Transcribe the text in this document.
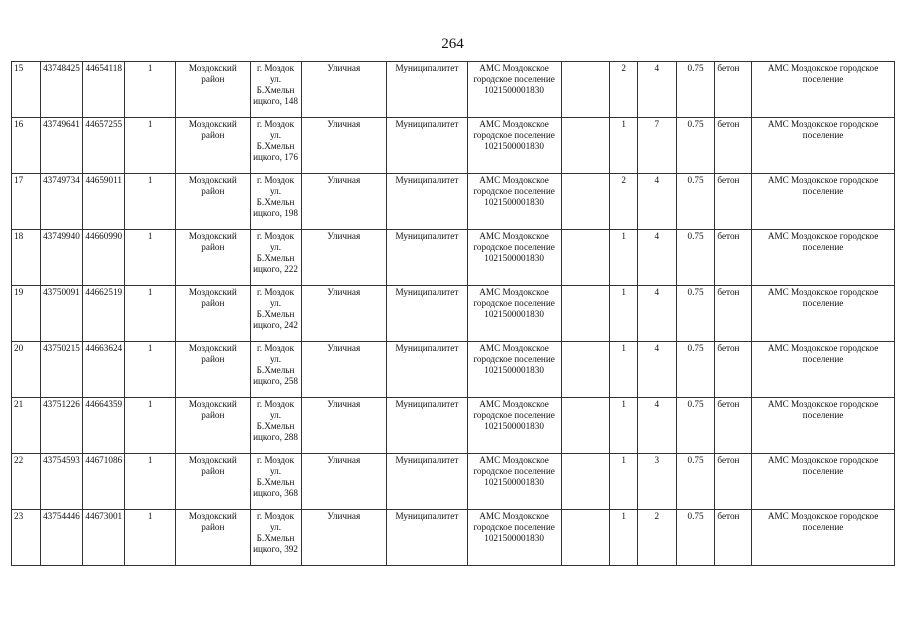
264
15	43748425	44654118	1	Моздокский район	г. Моздок ул. Б.Хмельн ицкого, 148	Уличная	Муниципалитет	АМС Моздокское городское поселение 1021500001830		2	4	0.75	бетон	АМС Моздокское городское поселение
16	43749641	44657255	1	Моздокский район	г. Моздок ул. Б.Хмельн ицкого, 176	Уличная	Муниципалитет	АМС Моздокское городское поселение 1021500001830		1	7	0.75	бетон	АМС Моздокское городское поселение
17	43749734	44659011	1	Моздокский район	г. Моздок ул. Б.Хмельн ицкого, 198	Уличная	Муниципалитет	АМС Моздокское городское поселение 1021500001830		2	4	0.75	бетон	АМС Моздокское городское поселение
18	43749940	44660990	1	Моздокский район	г. Моздок ул. Б.Хмельн ицкого, 222	Уличная	Муниципалитет	АМС Моздокское городское поселение 1021500001830		1	4	0.75	бетон	АМС Моздокское городское поселение
19	43750091	44662519	1	Моздокский район	г. Моздок ул. Б.Хмельн ицкого, 242	Уличная	Муниципалитет	АМС Моздокское городское поселение 1021500001830		1	4	0.75	бетон	АМС Моздокское городское поселение
20	43750215	44663624	1	Моздокский район	г. Моздок ул. Б.Хмельн ицкого, 258	Уличная	Муниципалитет	АМС Моздокское городское поселение 1021500001830		1	4	0.75	бетон	АМС Моздокское городское поселение
21	43751226	44664359	1	Моздокский район	г. Моздок ул. Б.Хмельн ицкого, 288	Уличная	Муниципалитет	АМС Моздокское городское поселение 1021500001830		1	4	0.75	бетон	АМС Моздокское городское поселение
22	43754593	44671086	1	Моздокский район	г. Моздок ул. Б.Хмельн ицкого, 368	Уличная	Муниципалитет	АМС Моздокское городское поселение 1021500001830		1	3	0.75	бетон	АМС Моздокское городское поселение
23	43754446	44673001	1	Моздокский район	г. Моздок ул. Б.Хмельн ицкого, 392	Уличная	Муниципалитет	АМС Моздокское городское поселение 1021500001830		1	2	0.75	бетон	АМС Моздокское городское поселение
